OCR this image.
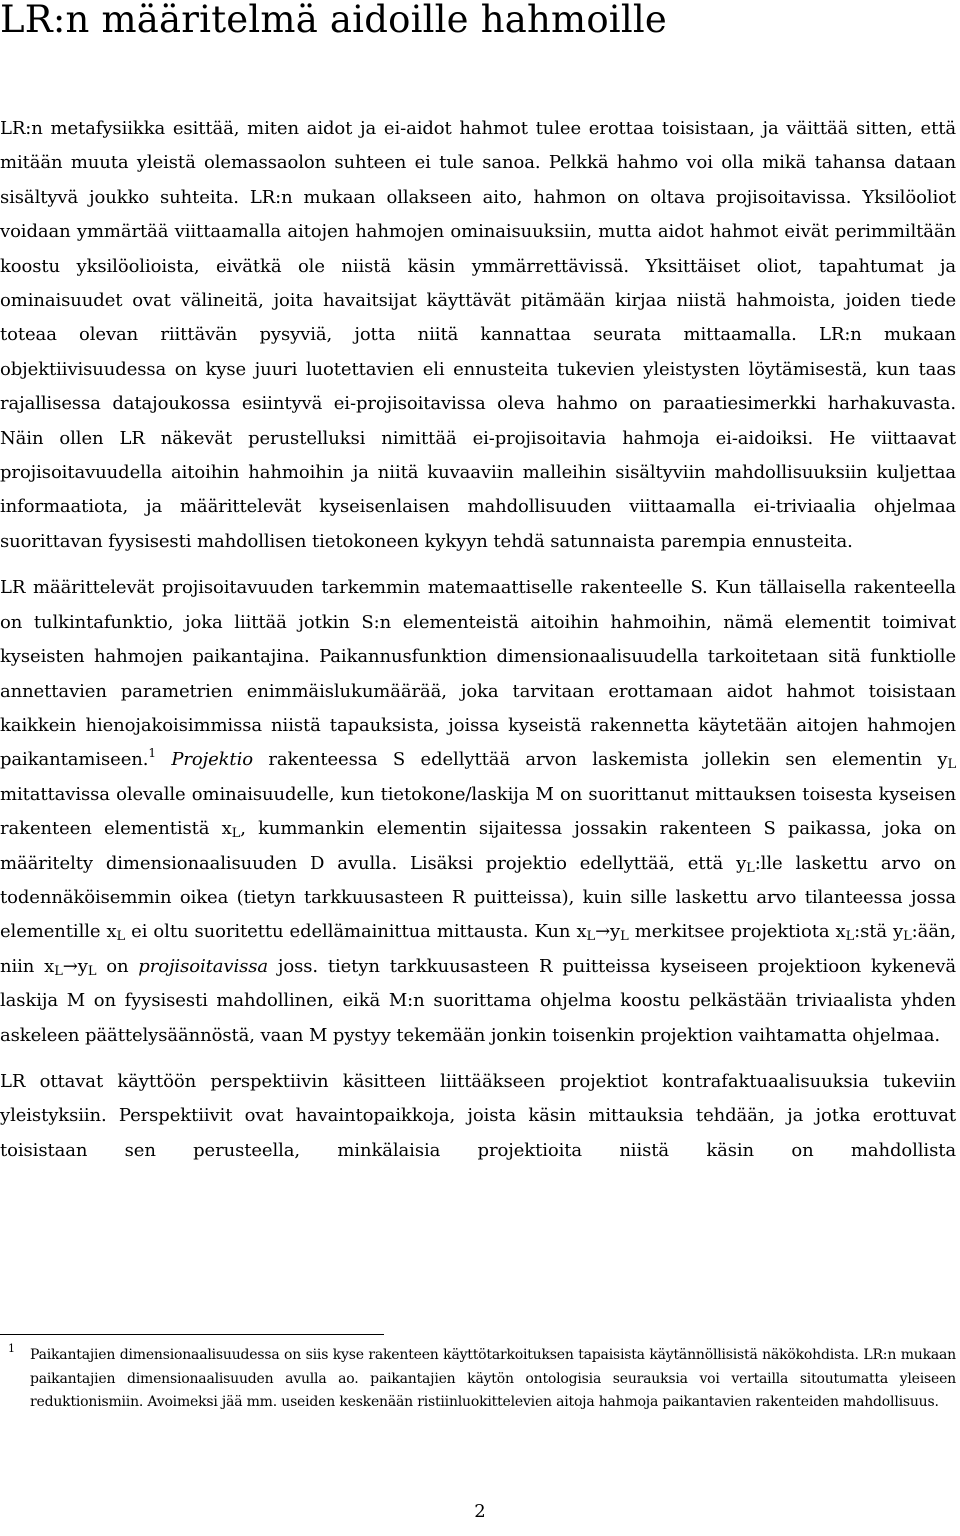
LR:n määritelmä aidoille hahmoille

LR:n metafysiikka esittää, miten aidot ja ei-aidot hahmot tulee erottaa toisistaan, ja väittää sitten, että mitään muuta yleistä olemassaolon suhteen ei tule sanoa. Pelkkä hahmo voi olla mikä tahansa dataan sisältyvä joukko suhteita. LR:n mukaan ollakseen aito, hahmon on oltava projisoitavissa. Yksilöoliot voidaan ymmärtää viittaamalla aitojen hahmojen ominaisuuksiin, mutta aidot hahmot eivät perimmiltään koostu yksilöolioista, eivätkä ole niistä käsin ymmärrettävissä. Yksittäiset oliot, tapahtumat ja ominaisuudet ovat välineitä, joita havaitsijat käyttävät pitämään kirjaa niistä hahmoista, joiden tiede toteaa olevan riittävän pysyviä, jotta niitä kannattaa seurata mittaamalla. LR:n mukaan objektiivisuudessa on kyse juuri luotettavien eli ennusteita tukevien yleistysten löytämisestä, kun taas rajallisessa datajoukossa esiintyvä ei-projisoitavissa oleva hahmo on paraatiesimerkki harhakuvasta. Näin ollen LR näkevät perustelluksi nimittää ei-projisoitavia hahmoja ei-aidoiksi. He viittaavat projisoitavuudella aitoihin hahmoihin ja niitä kuvaaviin malleihin sisältyviin mahdollisuuksiin kuljettaa informaatiota, ja määrittelevät kyseisenlaisen mahdollisuuden viittaamalla ei-triviaalia ohjelmaa suorittavan fyysisesti mahdollisen tietokoneen kykyyn tehdä satunnaista parempia ennusteita.

LR määrittelevät projisoitavuuden tarkemmin matemaattiselle rakenteelle S. Kun tällaisella rakenteella on tulkintafunktio, joka liittää jotkin S:n elementeistä aitoihin hahmoihin, nämä elementit toimivat kyseisten hahmojen paikantajina. Paikannusfunktion dimensionaalisuudella tarkoitetaan sitä funktiolle annettavien parametrien enimmäislukumäärää, joka tarvitaan erottamaan aidot hahmot toisistaan kaikkein hienojakoisimmissa niistä tapauksista, joissa kyseistä rakennetta käytetään aitojen hahmojen paikantamiseen.$^1$ Projektio rakenteessa S edellyttää arvon laskemista jollekin sen elementin $y_L$ mitattavissa olevalle ominaisuudelle, kun tietokone/laskija M on suorittanut mittauksen toisesta kyseisen rakenteen elementistä $x_L$, kummankin elementin sijaitessa jossakin rakenteen S paikassa, joka on määritelty dimensionaalisuuden D avulla. Lisäksi projektio edellyttää, että $y_L:lle$ laskettu arvo on todennäköisemmin oikea (tietyn tarkkuusasteen R puitteissa), kuin sille laskettu arvo tilanteessa jossa elementille $x_L$ ei oltu suoritettu edellämainittua mittausta. Kun $x_L\to y_L$ merkitsee projektiota $x_L:stä$ $y_L:ään$, niin $x_L\to y_L$ on projisoitavissa joss. tietyn tarkkuusasteen R puitteissa kyseiseen projektioon kykenevä laskija M on fyysisesti mahdollinen, eikä M:n suorittama ohjelma koostu pelkästään triviaalista yhden askeleen päättelysäännöstä, vaan M pystyy tekemään jonkin toisenkin projektion vaihtamatta ohjelmaa.

LR ottavat käyttöön perspektiivin käsitteen liittääkseen projektiot kontrafaktuaalisuuksia tukeviin yleistyksiin. Perspektiivit ovat havaintopaikkoja, joista käsin mittauksia tehdään, ja jotka erottuvat toisistaan sen perusteella, minkälaisia projektioita niistä käsin on mahdollista

1 Paikantajien dimensionaalisuudessa on siis kyse rakenteen käyttötarkoituksen tapaisista käytännöllisistä näkökohdista. LR:n mukaan paikantajien dimensionaalisuuden avulla ao. paikantajien käytön ontologisia seurauksia voi vertailla sitoutumatta yleiseen reduktionismiin. Avoimeksi jää mm. useiden keskenään ristiinluokittelevien aitoja hahmoja paikantavien rakenteiden mahdollisuus.
2
